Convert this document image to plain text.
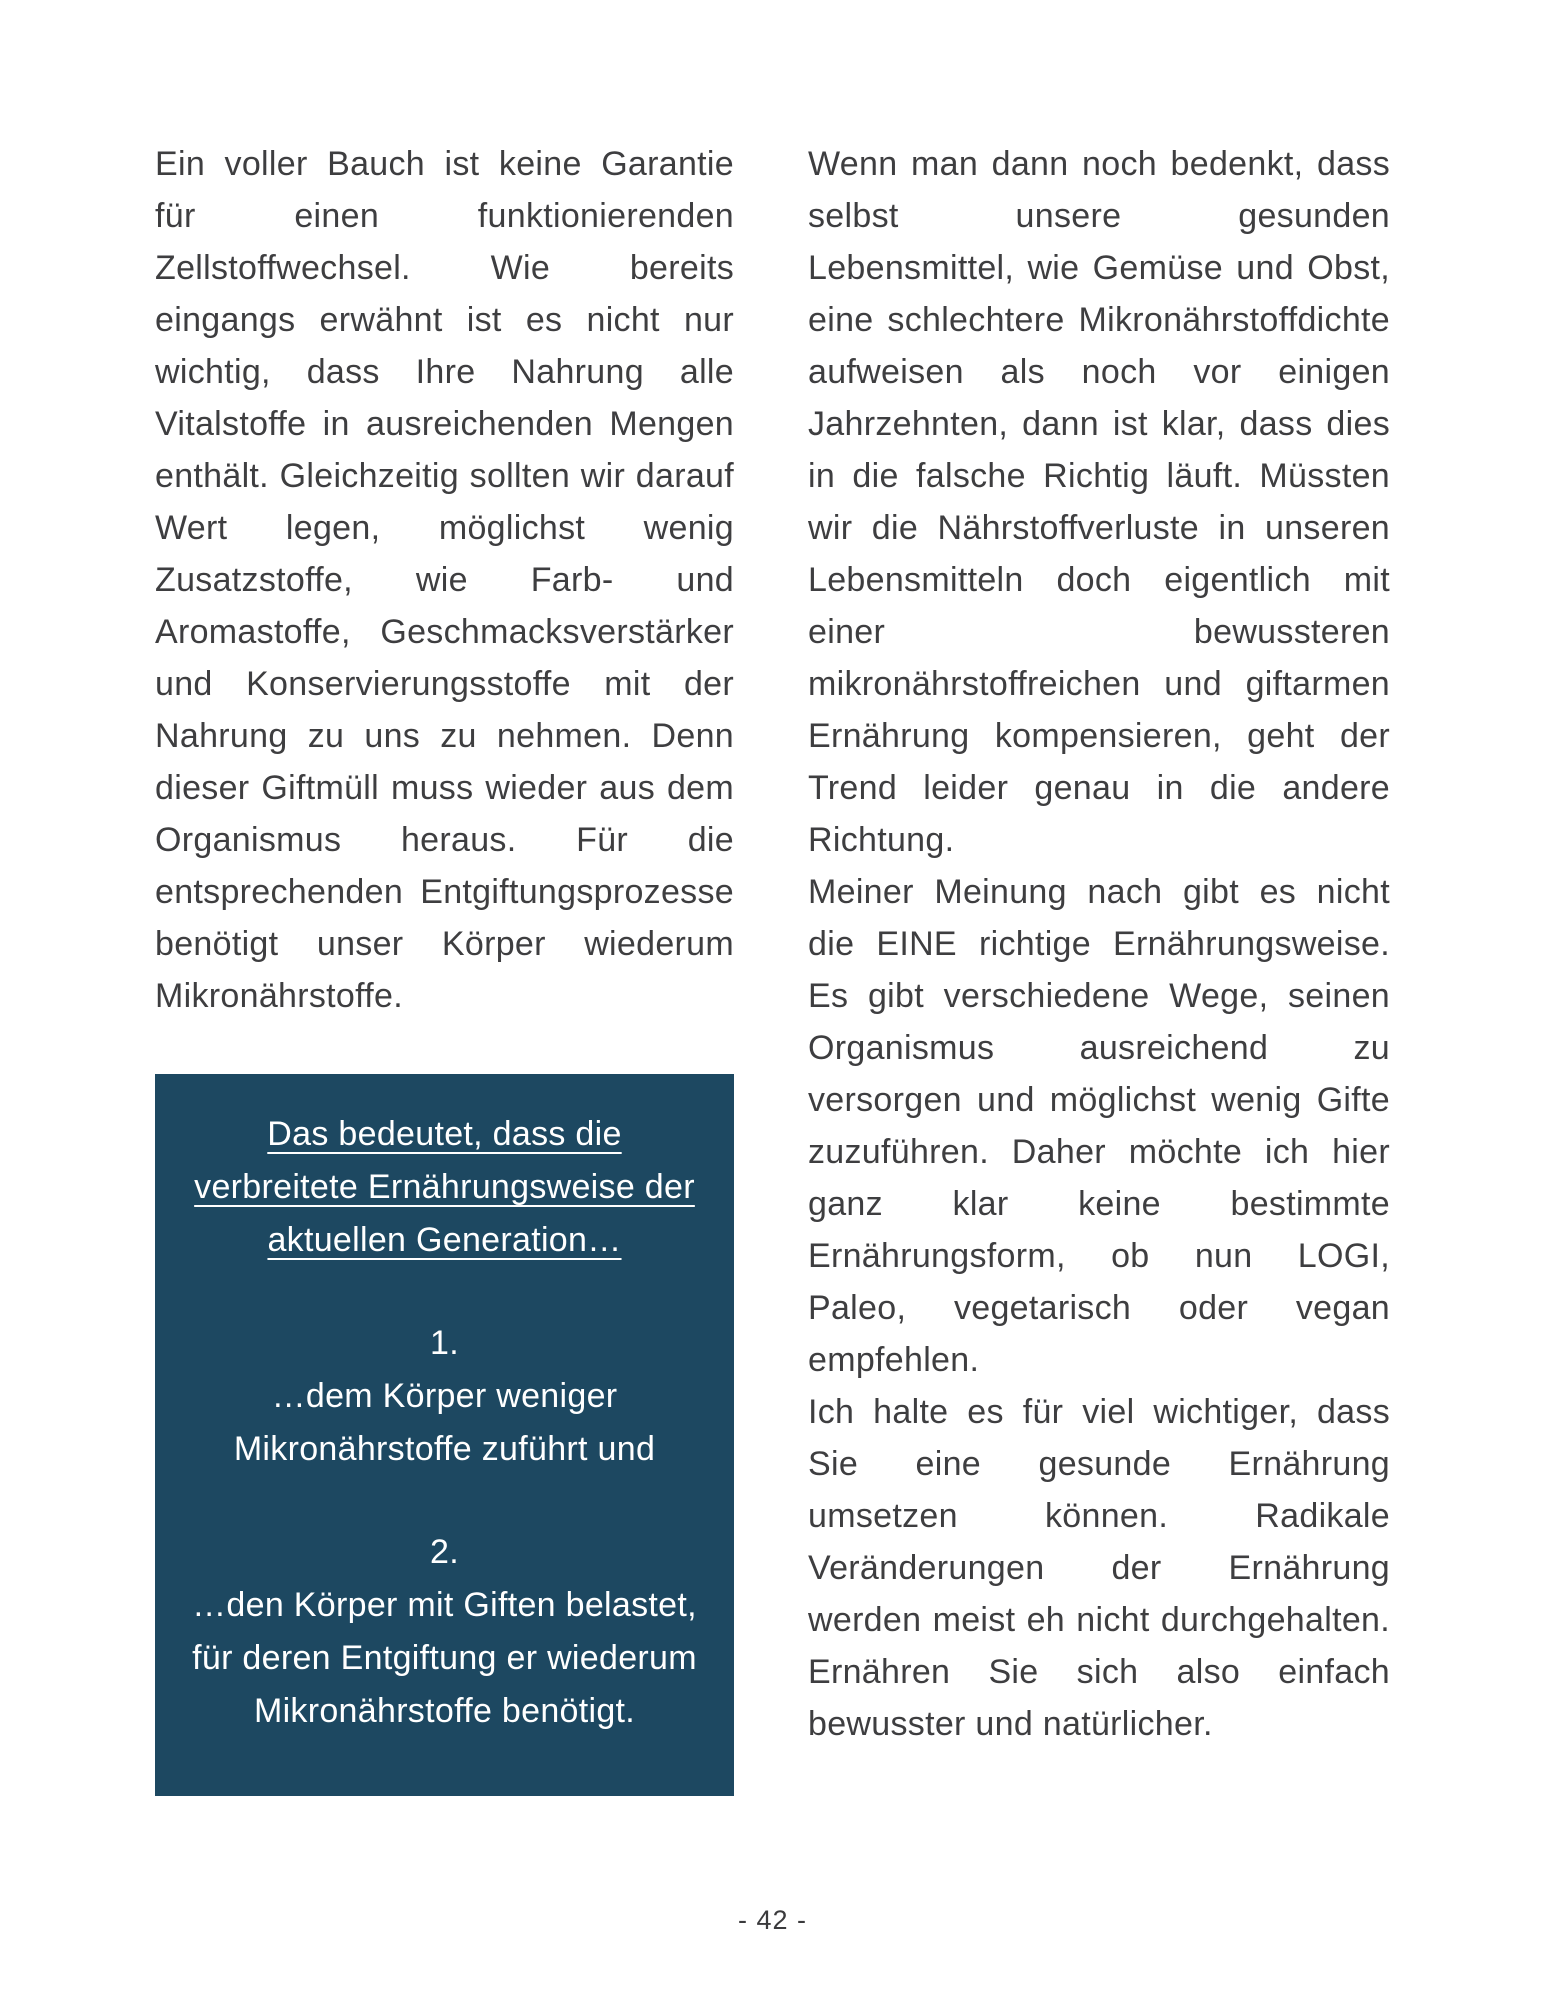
Ein voller Bauch ist keine Garantie für einen funktionierenden Zellstoffwechsel. Wie bereits eingangs erwähnt ist es nicht nur wichtig, dass Ihre Nahrung alle Vitalstoffe in ausreichenden Mengen enthält. Gleichzeitig sollten wir darauf Wert legen, möglichst wenig Zusatzstoffe, wie Farb- und Aromastoffe, Geschmacksverstärker und Konservierungsstoffe mit der Nahrung zu uns zu nehmen. Denn dieser Giftmüll muss wieder aus dem Organismus heraus. Für die entsprechenden Entgiftungsprozesse benötigt unser Körper wiederum Mikronährstoffe.

Das bedeutet, dass die verbreitete Ernährungsweise der aktuellen Generation…
1.
…dem Körper weniger Mikronährstoffe zuführt und
2.
…den Körper mit Giften belastet, für deren Entgiftung er wiederum Mikronährstoffe benötigt.

Wenn man dann noch bedenkt, dass selbst unsere gesunden Lebensmittel, wie Gemüse und Obst, eine schlechtere Mikronährstoffdichte aufweisen als noch vor einigen Jahrzehnten, dann ist klar, dass dies in die falsche Richtig läuft. Müssten wir die Nährstoffverluste in unseren Lebensmitteln doch eigentlich mit einer bewussteren mikronährstoffreichen und giftarmen Ernährung kompensieren, geht der Trend leider genau in die andere Richtung.

Meiner Meinung nach gibt es nicht die EINE richtige Ernährungsweise. Es gibt verschiedene Wege, seinen Organismus ausreichend zu versorgen und möglichst wenig Gifte zuzuführen. Daher möchte ich hier ganz klar keine bestimmte Ernährungsform, ob nun LOGI, Paleo, vegetarisch oder vegan empfehlen.

Ich halte es für viel wichtiger, dass Sie eine gesunde Ernährung umsetzen können. Radikale Veränderungen der Ernährung werden meist eh nicht durchgehalten. Ernähren Sie sich also einfach bewusster und natürlicher.

- 42 -
